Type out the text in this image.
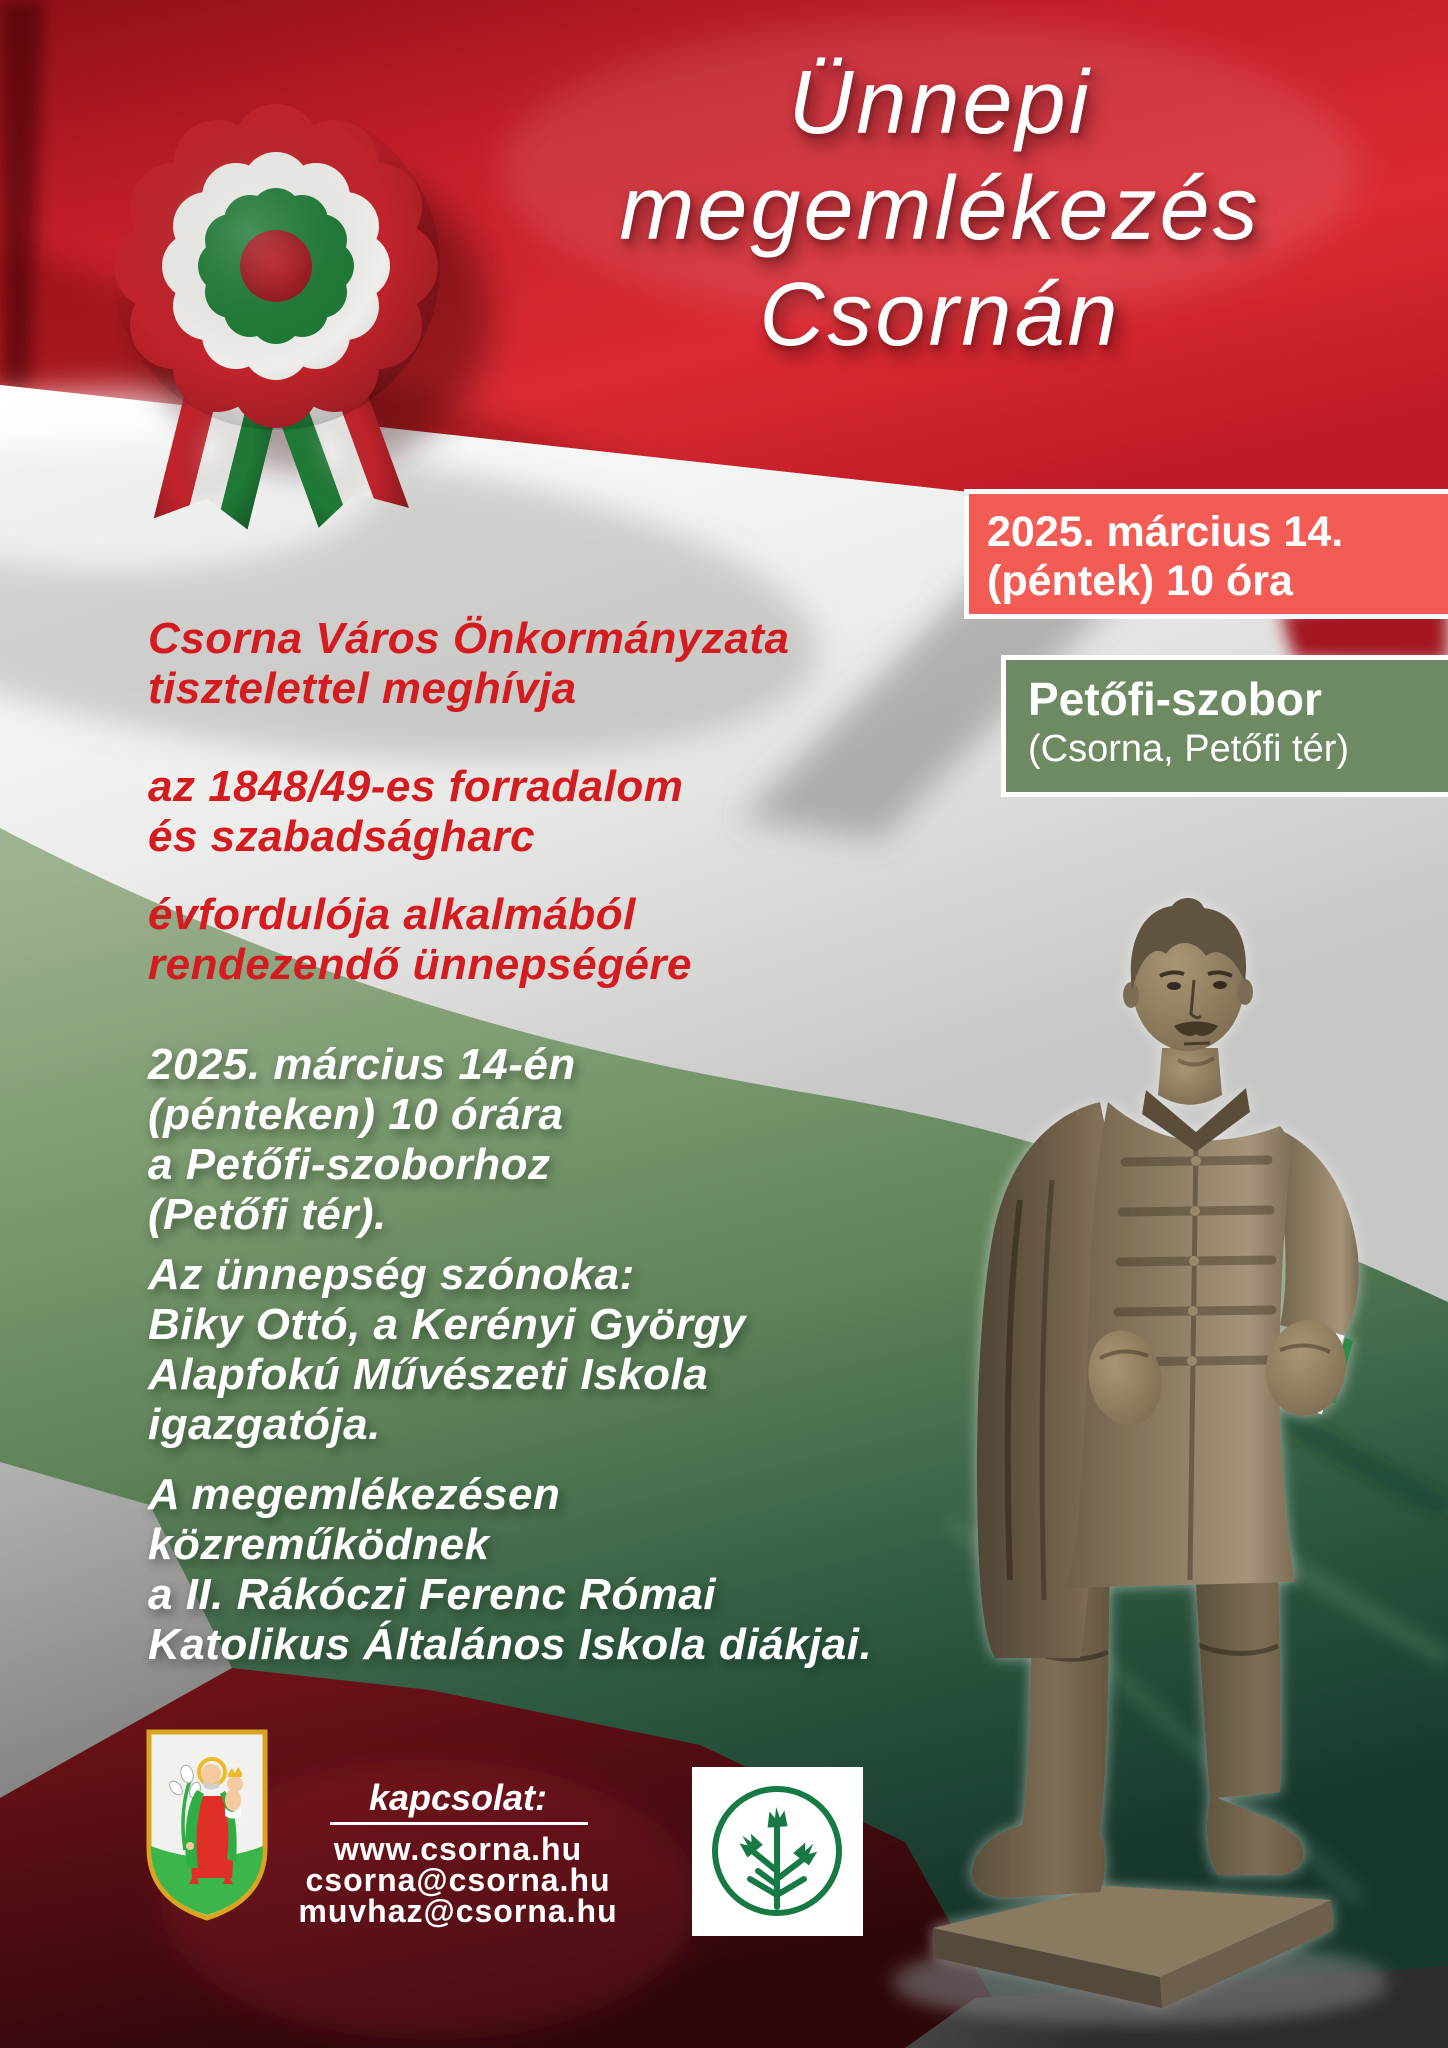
Ünnepi
megemlékezés
Csornán
2025. március 14.
(péntek) 10 óra
Petőfi-szobor
(Csorna, Petőfi tér)
Csorna Város Önkormányzata
tisztelettel meghívja
az 1848/49-es forradalom
és szabadságharc
évfordulója alkalmából
rendezendő ünnepségére
2025. március 14-én
(pénteken) 10 órára
a Petőfi-szoborhoz
(Petőfi tér).
Az ünnepség szónoka:
Biky Ottó, a Kerényi György
Alapfokú Művészeti Iskola
igazgatója.
A megemlékezésen
közreműködnek
a II. Rákóczi Ferenc Római
Katolikus Általános Iskola diákjai.
kapcsolat:
www.csorna.hu
csorna@csorna.hu
muvhaz@csorna.hu
